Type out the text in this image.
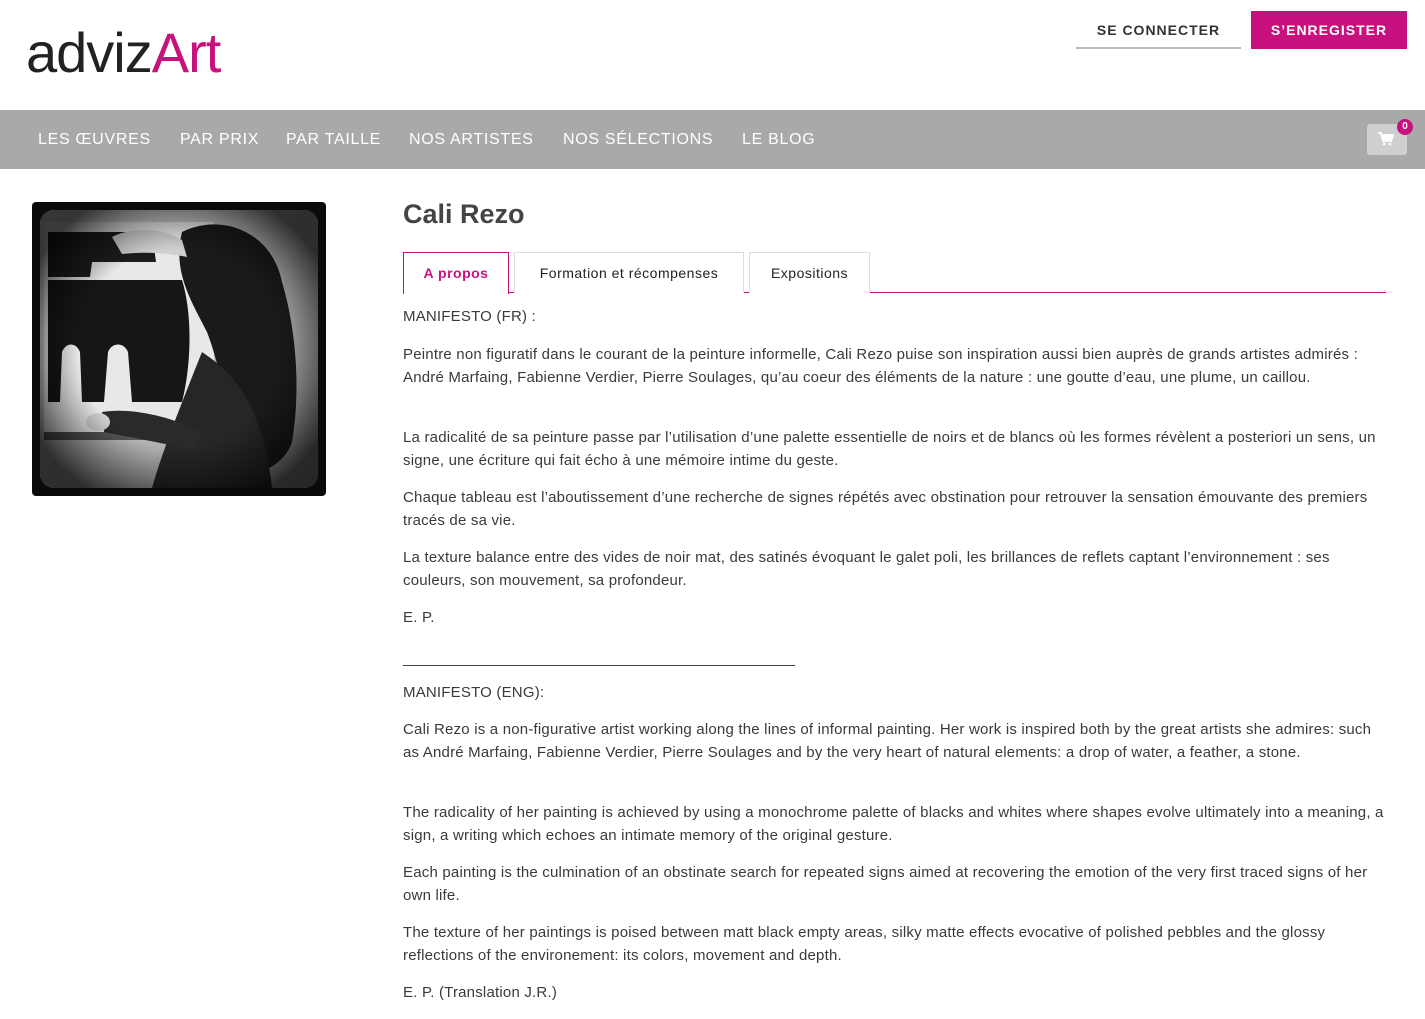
advizArt	SE CONNECTER	S’ENREGISTER
LES ŒUVRES PAR PRIX PAR TAILLE NOS ARTISTES NOS SÉLECTIONS LE BLOG
0
Cali Rezo
A propos	Formation et récompenses	Expositions

MANIFESTO (FR) :

Peintre non figuratif dans le courant de la peinture informelle, Cali Rezo puise son inspiration aussi bien auprès de grands artistes admirés : André Marfaing, Fabienne Verdier, Pierre Soulages, qu’au coeur des éléments de la nature : une goutte d’eau, une plume, un caillou.

La radicalité de sa peinture passe par l’utilisation d’une palette essentielle de noirs et de blancs où les formes révèlent a posteriori un sens, un signe, une écriture qui fait écho à une mémoire intime du geste.

Chaque tableau est l’aboutissement d’une recherche de signes répétés avec obstination pour retrouver la sensation émouvante des premiers tracés de sa vie.

La texture balance entre des vides de noir mat, des satinés évoquant le galet poli, les brillances de reflets captant l’environnement : ses couleurs, son mouvement, sa profondeur.

E. P.

_______________________________________________

MANIFESTO (ENG):

Cali Rezo is a non-figurative artist working along the lines of informal painting. Her work is inspired both by the great artists she admires: such as André Marfaing, Fabienne Verdier, Pierre Soulages and by the very heart of natural elements: a drop of water, a feather, a stone.

The radicality of her painting is achieved by using a monochrome palette of blacks and whites where shapes evolve ultimately into a meaning, a sign, a writing which echoes an intimate memory of the original gesture.

Each painting is the culmination of an obstinate search for repeated signs aimed at recovering the emotion of the very first traced signs of her own life.

The texture of her paintings is poised between matt black empty areas, silky matte effects evocative of polished pebbles and the glossy reflections of the environement: its colors, movement and depth.

E. P. (Translation J.R.)
